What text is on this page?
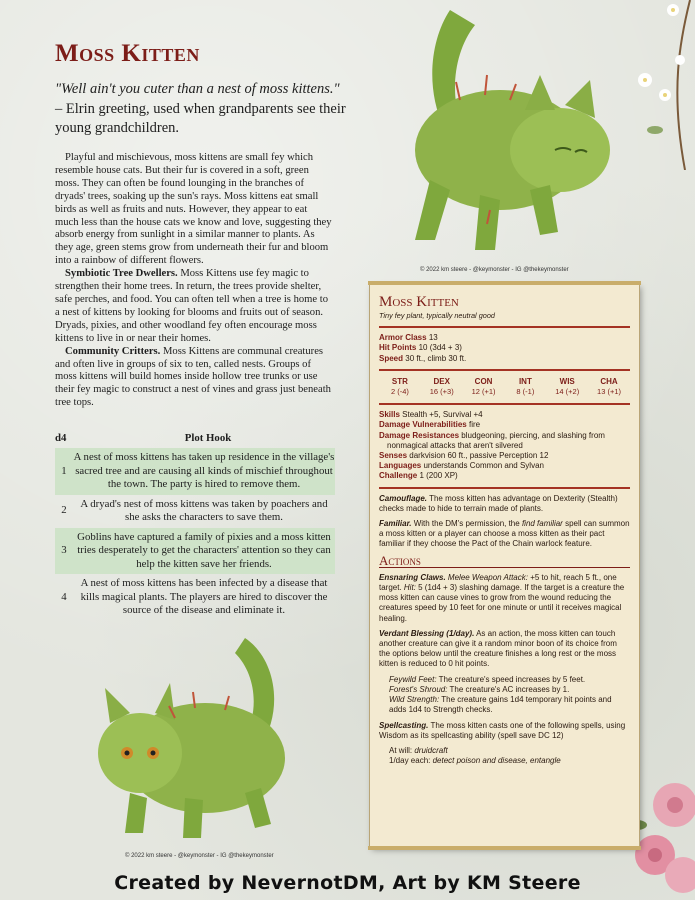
Moss Kitten
"Well ain't you cuter than a nest of moss kittens."
– Elrin greeting, used when grandparents see their young grandchildren.

Playful and mischievous, moss kittens are small fey which resemble house cats. But their fur is covered in a soft, green moss. They can often be found lounging in the branches of dryads' trees, soaking up the sun's rays. Moss kittens eat small birds as well as fruits and nuts. However, they appear to eat much less than the house cats we know and love, suggesting they absorb energy from sunlight in a similar manner to plants. As they age, green stems grow from underneath their fur and bloom into a rainbow of different flowers.

Symbiotic Tree Dwellers. Moss Kittens use fey magic to strengthen their home trees. In return, the trees provide shelter, safe perches, and food. You can often tell when a tree is home to a nest of kittens by looking for blooms and fruits out of season. Dryads, pixies, and other woodland fey often encourage moss kittens to live in or near their homes.

Community Critters. Moss Kittens are communal creatures and often live in groups of six to ten, called nests. Groups of moss kittens will build homes inside hollow tree trunks or use their fey magic to construct a nest of vines and grass just beneath tree tops.

d4	Plot Hook
1
A nest of moss kittens has taken up residence in the village's sacred tree and are causing all kinds of mischief throughout the town. The party is hired to remove them.
2
A dryad's nest of moss kittens was taken by poachers and she asks the characters to save them.
3
Goblins have captured a family of pixies and a moss kitten tries desperately to get the characters' attention so they can help the kitten save her friends.
4
A nest of moss kittens has been infected by a disease that kills magical plants. The players are hired to discover the source of the disease and eliminate it.
© 2022 km steere - @keymonster - IG @thekeymonster
© 2022 km steere - @keymonster - IG @thekeymonster
Moss Kitten
Tiny fey plant, typically neutral good
Armor Class 13
Hit Points 10 (3d4 + 3)
Speed 30 ft., climb 30 ft.
STR
2 (-4)
DEX
16 (+3)
CON
12 (+1)
INT
8 (-1)
WIS
14 (+2)
CHA
13 (+1)
Skills Stealth +5, Survival +4
Damage Vulnerabilities fire
Damage Resistances bludgeoning, piercing, and slashing from nonmagical attacks that aren't silvered
Senses darkvision 60 ft., passive Perception 12
Languages understands Common and Sylvan
Challenge 1 (200 XP)
Camouflage. The moss kitten has advantage on Dexterity (Stealth) checks made to hide to terrain made of plants.
Familiar. With the DM's permission, the find familiar spell can summon a moss kitten or a player can choose a moss kitten as their pact familiar if they choose the Pact of the Chain warlock feature.
Actions
Ensnaring Claws. Melee Weapon Attack: +5 to hit, reach 5 ft., one target. Hit: 5 (1d4 + 3) slashing damage. If the target is a creature the moss kitten can cause vines to grow from the wound reducing the creatures speed by 10 feet for one minute or until it receives magical healing.
Verdant Blessing (1/day). As an action, the moss kitten can touch another creature can give it a random minor boon of its choice from the options below until the creature finishes a long rest or the moss kitten is reduced to 0 hit points.
Feywild Feet: The creature's speed increases by 5 feet.
Forest's Shroud: The creature's AC increases by 1.
Wild Strength: The creature gains 1d4 temporary hit points and adds 1d4 to Strength checks.
Spellcasting. The moss kitten casts one of the following spells, using Wisdom as its spellcasting ability (spell save DC 12)
At will: druidcraft
1/day each: detect poison and disease, entangle
Created by NevernotDM, Art by KM Steere
